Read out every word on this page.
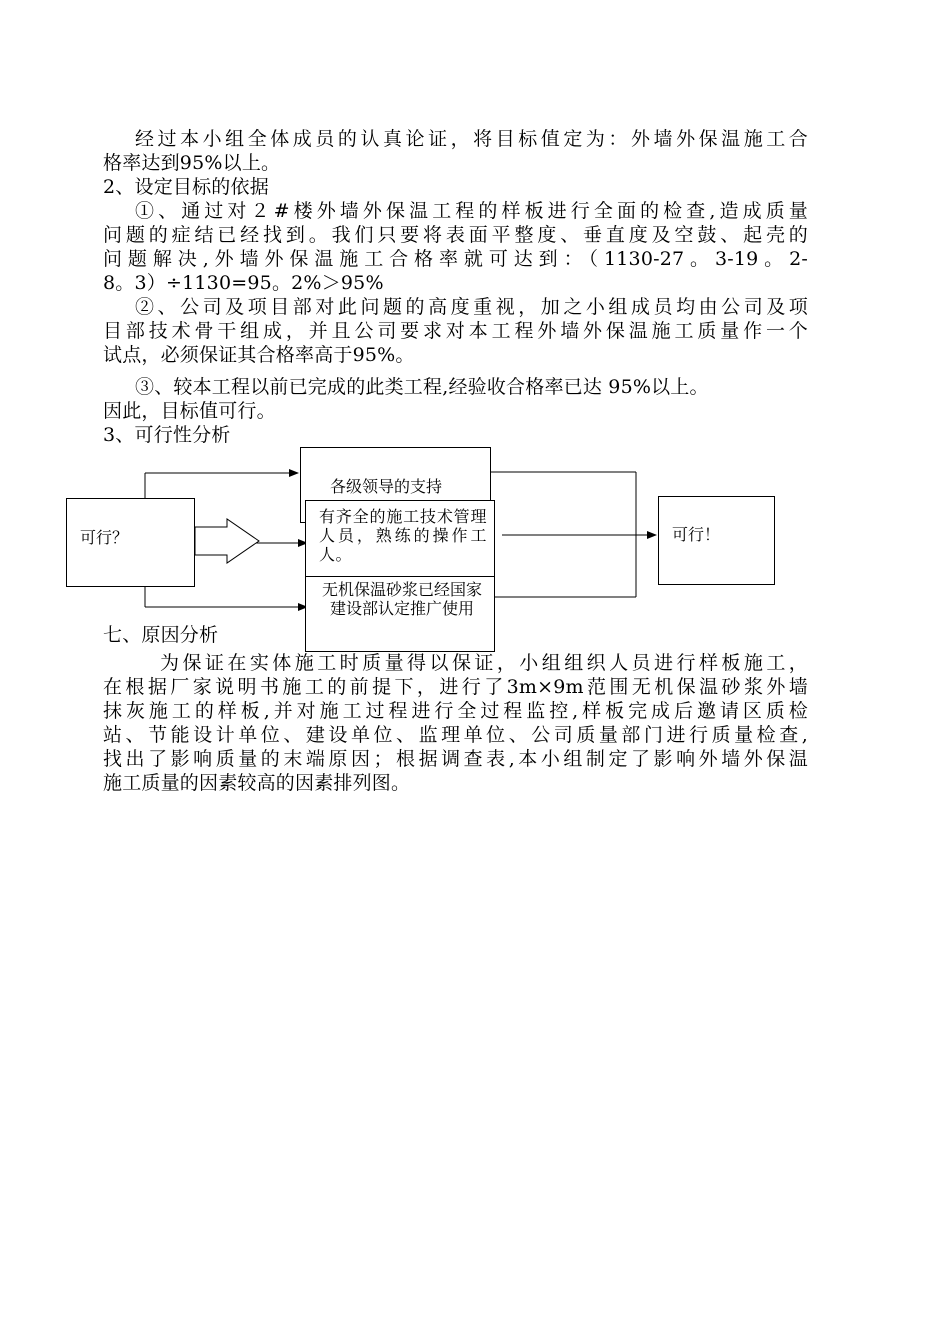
经过本小组全体成员的认真论证，将目标值定为：外墙外保温施工合
格率达到95%以上。
2、设定目标的依据
①、通过对２#楼外墙外保温工程的样板进行全面的检查,造成质量
问题的症结已经找到。我们只要将表面平整度、垂直度及空鼓、起壳的
问题解决,外墙外保温施工合格率就可达到：（1130-27。3-19。2-
8。3）÷1130=95。2%＞95%
②、公司及项目部对此问题的高度重视，加之小组成员均由公司及项
目部技术骨干组成，并且公司要求对本工程外墙外保温施工质量作一个
试点，必须保证其合格率高于95%。
③、较本工程以前已完成的此类工程,经验收合格率已达 95%以上。
因此，目标值可行。
3、可行性分析
可行？
各级领导的支持
有齐全的施工技术管理人员，熟练的操作工人。
无机保温砂浆已经国家建设部认定推广使用
可行！
七、原因分析
为保证在实体施工时质量得以保证，小组组织人员进行样板施工，
在根据厂家说明书施工的前提下，进行了3m×9m范围无机保温砂浆外墙
抹灰施工的样板,并对施工过程进行全过程监控,样板完成后邀请区质检
站、节能设计单位、建设单位、监理单位、公司质量部门进行质量检查,
找出了影响质量的末端原因；根据调查表,本小组制定了影响外墙外保温
施工质量的因素较高的因素排列图。
